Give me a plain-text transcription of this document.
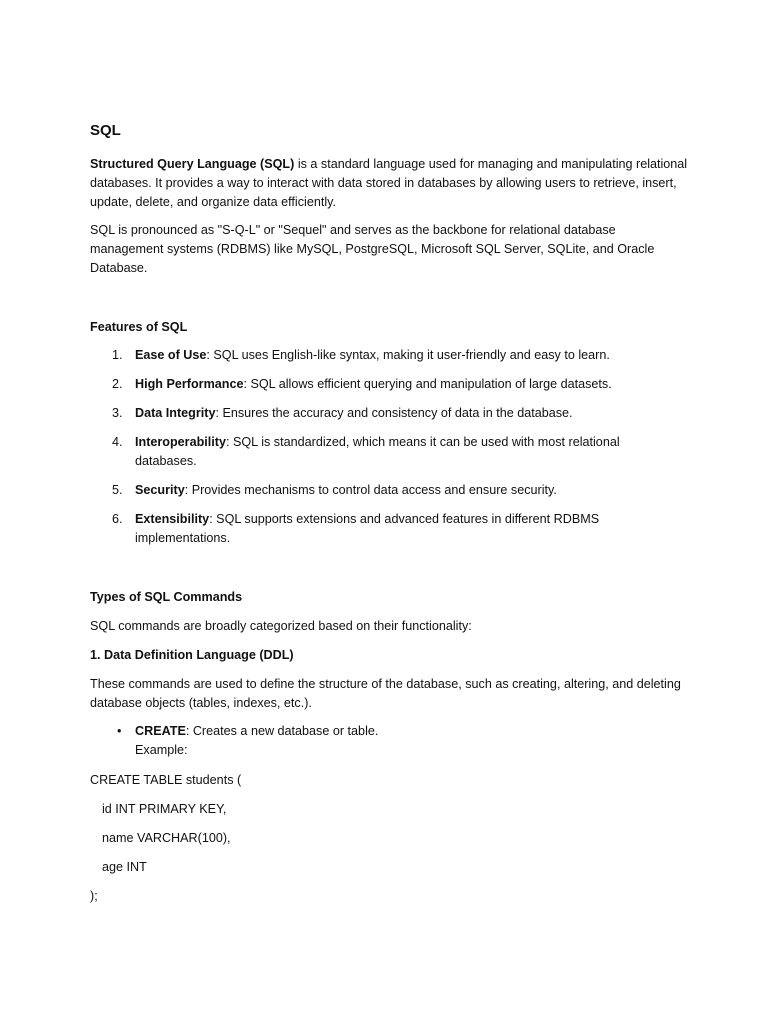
SQL

Structured Query Language (SQL) is a standard language used for managing and manipulating relational databases. It provides a way to interact with data stored in databases by allowing users to retrieve, insert, update, delete, and organize data efficiently.

SQL is pronounced as "S-Q-L" or "Sequel" and serves as the backbone for relational database management systems (RDBMS) like MySQL, PostgreSQL, Microsoft SQL Server, SQLite, and Oracle Database.

Features of SQL

1. Ease of Use: SQL uses English-like syntax, making it user-friendly and easy to learn.
2. High Performance: SQL allows efficient querying and manipulation of large datasets.
3. Data Integrity: Ensures the accuracy and consistency of data in the database.
4. Interoperability: SQL is standardized, which means it can be used with most relational databases.
5. Security: Provides mechanisms to control data access and ensure security.
6. Extensibility: SQL supports extensions and advanced features in different RDBMS implementations.

Types of SQL Commands

SQL commands are broadly categorized based on their functionality:

1. Data Definition Language (DDL)

These commands are used to define the structure of the database, such as creating, altering, and deleting database objects (tables, indexes, etc.).

• CREATE: Creates a new database or table.

Example:

CREATE TABLE students (

id INT PRIMARY KEY,

name VARCHAR(100),

age INT

);
